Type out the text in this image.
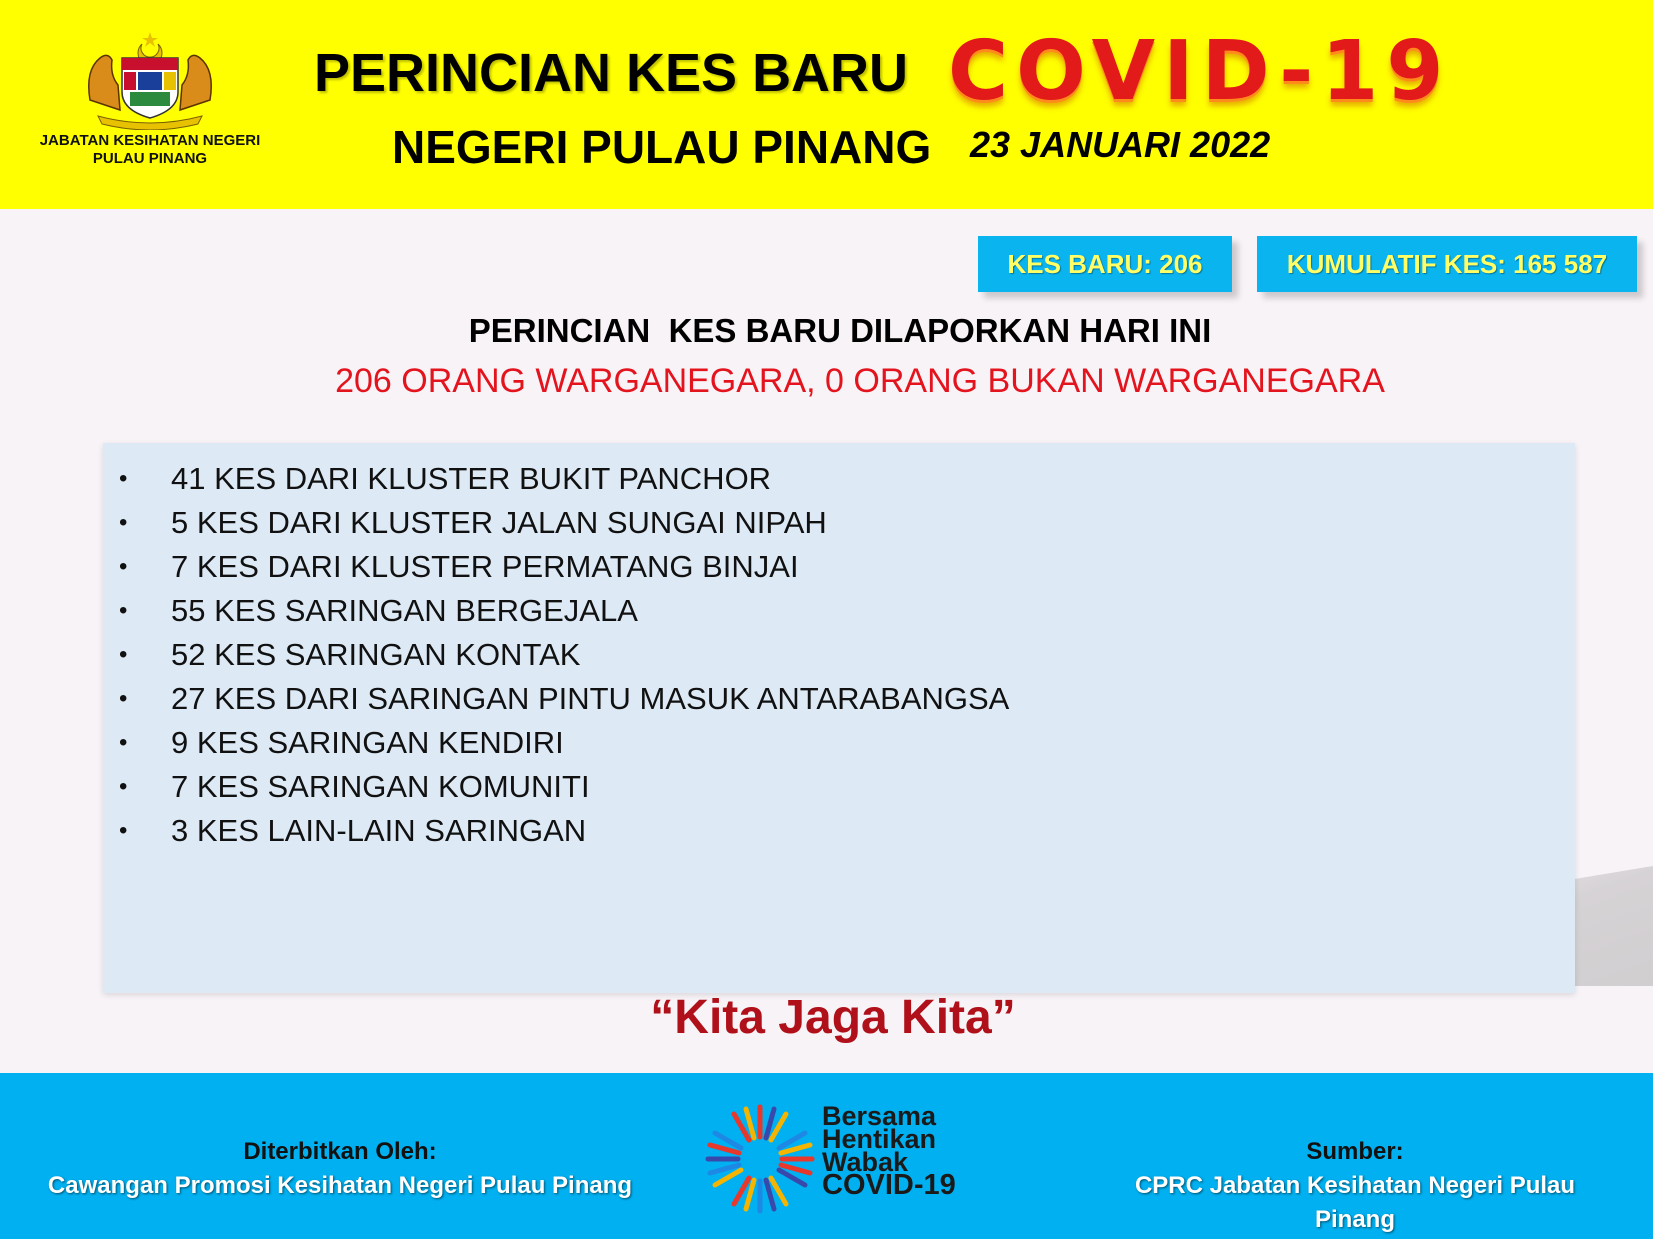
JABATAN KESIHATAN NEGERI PULAU PINANG
PERINCIAN KES BARU
NEGERI PULAU PINANG
COVID-19
23 JANUARI 2022
KES BARU: 206	KUMULATIF KES: 165 587
PERINCIAN  KES BARU DILAPORKAN HARI INI
206 ORANG WARGANEGARA, 0 ORANG BUKAN WARGANEGARA
• 41 KES DARI KLUSTER BUKIT PANCHOR
• 5 KES DARI KLUSTER JALAN SUNGAI NIPAH
• 7 KES DARI KLUSTER PERMATANG BINJAI
• 55 KES SARINGAN BERGEJALA
• 52 KES SARINGAN KONTAK
• 27 KES DARI SARINGAN PINTU MASUK ANTARABANGSA
• 9 KES SARINGAN KENDIRI
• 7 KES SARINGAN KOMUNITI
• 3 KES LAIN-LAIN SARINGAN
“Kita Jaga Kita”
Diterbitkan Oleh:
Cawangan Promosi Kesihatan Negeri Pulau Pinang
Bersama
Hentikan
Wabak
COVID-19
Sumber:
CPRC Jabatan Kesihatan Negeri Pulau Pinang
